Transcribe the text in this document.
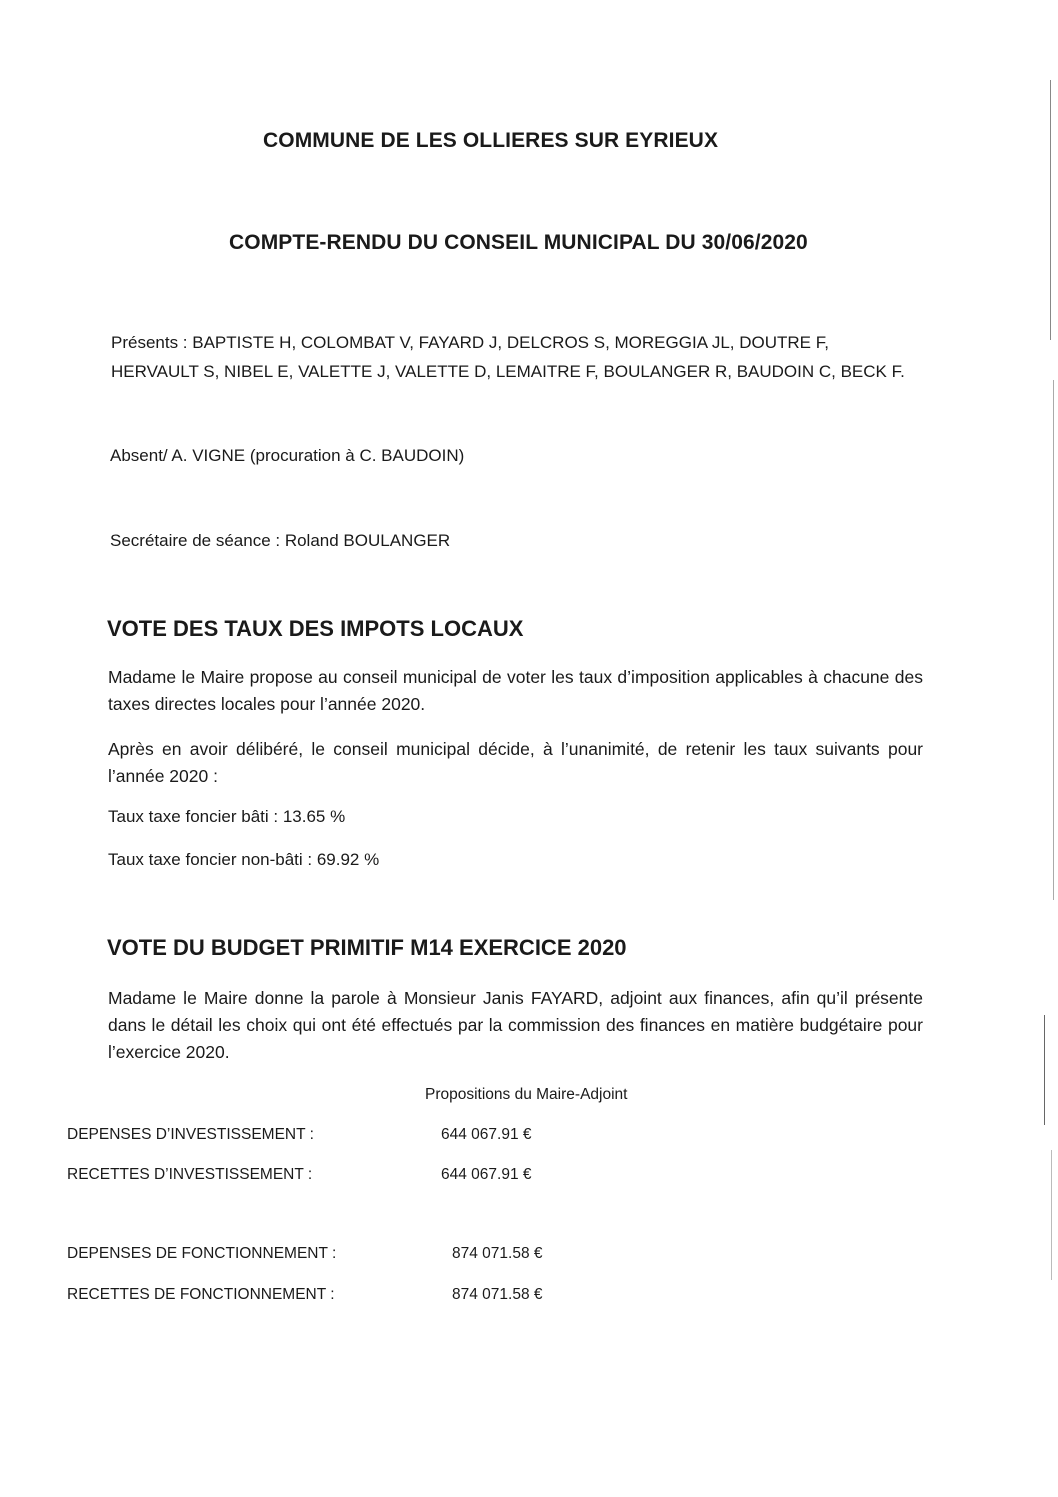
COMMUNE DE LES OLLIERES SUR EYRIEUX
COMPTE-RENDU DU CONSEIL MUNICIPAL DU 30/06/2020
Présents : BAPTISTE H, COLOMBAT V, FAYARD J, DELCROS S, MOREGGIA JL, DOUTRE F,
HERVAULT S, NIBEL E, VALETTE J, VALETTE D, LEMAITRE F, BOULANGER R, BAUDOIN C, BECK F.
Absent/ A. VIGNE (procuration à C. BAUDOIN)
Secrétaire de séance : Roland BOULANGER
VOTE DES TAUX DES IMPOTS LOCAUX
Madame le Maire propose au conseil municipal de voter les taux d’imposition applicables à chacune des taxes directes locales pour l’année 2020.
Après en avoir délibéré, le conseil municipal décide, à l’unanimité, de retenir les taux suivants pour l’année 2020 :
Taux taxe foncier bâti : 13.65 %
Taux taxe foncier non-bâti : 69.92 %
VOTE DU BUDGET PRIMITIF M14 EXERCICE 2020
Madame le Maire donne la parole à Monsieur Janis FAYARD, adjoint aux finances, afin qu’il présente dans le détail les choix qui ont été effectués par la commission des finances en matière budgétaire pour l’exercice 2020.
Propositions du Maire-Adjoint
DEPENSES D’INVESTISSEMENT :	644 067.91 €
RECETTES D’INVESTISSEMENT :	644 067.91 €
DEPENSES DE FONCTIONNEMENT :	874 071.58 €
RECETTES DE FONCTIONNEMENT :	874 071.58 €
